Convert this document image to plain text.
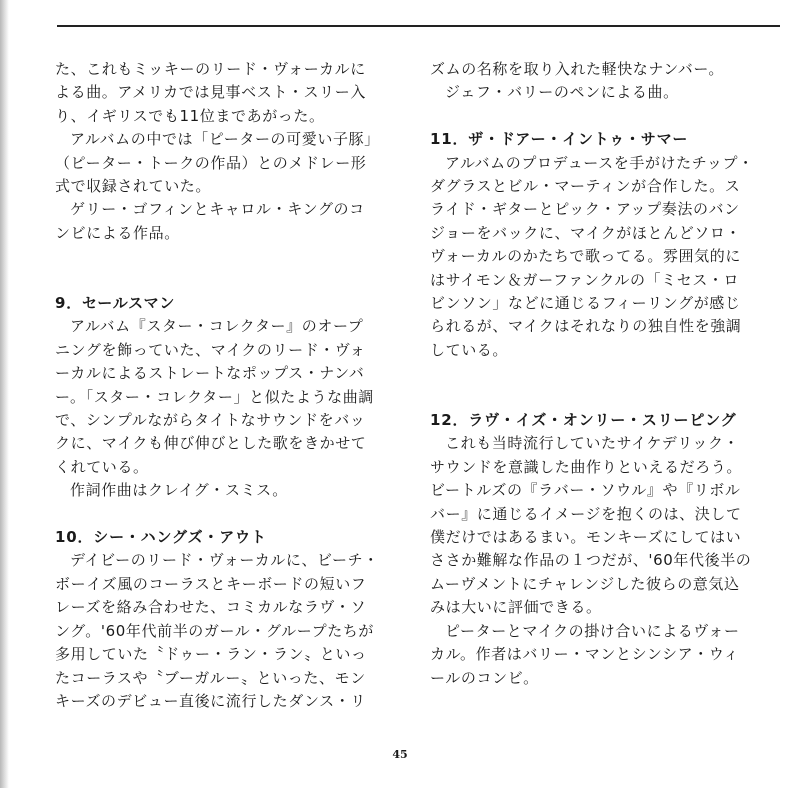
た、これもミッキーのリード・ヴォーカルに
よる曲。アメリカでは見事ベスト・スリー入
り、イギリスでも11位まであがった。

アルバムの中では「ピーターの可愛い子豚」
（ピーター・トークの作品）とのメドレー形
式で収録されていた。

ゲリー・ゴフィンとキャロル・キングのコ
ンビによる作品。

9．セールスマン

アルバム『スター・コレクター』のオープ
ニングを飾っていた、マイクのリード・ヴォ
ーカルによるストレートなポップス・ナンバ
ー。「スター・コレクター」と似たような曲調
で、シンプルながらタイトなサウンドをバッ
クに、マイクも伸び伸びとした歌をきかせて
くれている。

作詞作曲はクレイグ・スミス。

10．シー・ハングズ・アウト

デイビーのリード・ヴォーカルに、ビーチ・
ボーイズ風のコーラスとキーボードの短いフ
レーズを絡み合わせた、コミカルなラヴ・ソ
ング。'60年代前半のガール・グループたちが
多用していた〝ドゥー・ラン・ラン〟といっ
たコーラスや〝ブーガルー〟といった、モン
キーズのデビュー直後に流行したダンス・リ

ズムの名称を取り入れた軽快なナンバー。

ジェフ・バリーのペンによる曲。

11．ザ・ドアー・イントゥ・サマー

アルバムのプロデュースを手がけたチップ・
ダグラスとビル・マーティンが合作した。ス
ライド・ギターとピック・アップ奏法のバン
ジョーをバックに、マイクがほとんどソロ・
ヴォーカルのかたちで歌ってる。雰囲気的に
はサイモン＆ガーファンクルの「ミセス・ロ
ビンソン」などに通じるフィーリングが感じ
られるが、マイクはそれなりの独自性を強調
している。

12．ラヴ・イズ・オンリー・スリーピング

これも当時流行していたサイケデリック・
サウンドを意識した曲作りといえるだろう。
ビートルズの『ラバー・ソウル』や『リボル
バー』に通じるイメージを抱くのは、決して
僕だけではあるまい。モンキーズにしてはい
ささか難解な作品の１つだが、'60年代後半の
ムーヴメントにチャレンジした彼らの意気込
みは大いに評価できる。

ピーターとマイクの掛け合いによるヴォー
カル。作者はバリー・マンとシンシア・ウィ
ールのコンビ。

45
